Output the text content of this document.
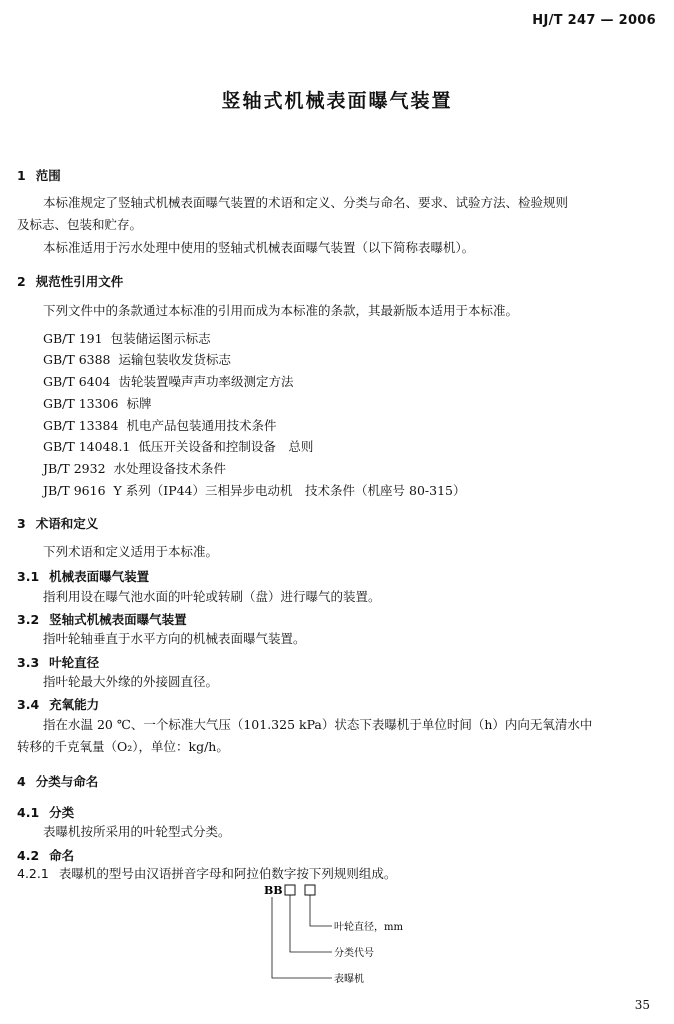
HJ/T 247 — 2006
竖轴式机械表面曝气装置
1 范围
本标准规定了竖轴式机械表面曝气装置的术语和定义、分类与命名、要求、试验方法、检验规则
及标志、包装和贮存。
本标准适用于污水处理中使用的竖轴式机械表面曝气装置（以下简称表曝机）。
2 规范性引用文件
下列文件中的条款通过本标准的引用而成为本标准的条款，其最新版本适用于本标准。
GB/T 191 包装储运图示标志
GB/T 6388 运输包装收发货标志
GB/T 6404 齿轮装置噪声声功率级测定方法
GB/T 13306 标牌
GB/T 13384 机电产品包装通用技术条件
GB/T 14048.1 低压开关设备和控制设备　总则
JB/T 2932 水处理设备技术条件
JB/T 9616 Y 系列（IP44）三相异步电动机　技术条件（机座号 80-315）
3 术语和定义
下列术语和定义适用于本标准。
3.1 机械表面曝气装置
指利用设在曝气池水面的叶轮或转刷（盘）进行曝气的装置。
3.2 竖轴式机械表面曝气装置
指叶轮轴垂直于水平方向的机械表面曝气装置。
3.3 叶轮直径
指叶轮最大外缘的外接圆直径。
3.4 充氧能力
指在水温 20 ℃、一个标准大气压（101.325 kPa）状态下表曝机于单位时间（h）内向无氧清水中
转移的千克氧量（O₂），单位：kg/h。
4 分类与命名
4.1 分类
表曝机按所采用的叶轮型式分类。
4.2 命名
4.2.1 表曝机的型号由汉语拼音字母和阿拉伯数字按下列规则组成。
BB
叶轮直径，mm
分类代号
表曝机
35
